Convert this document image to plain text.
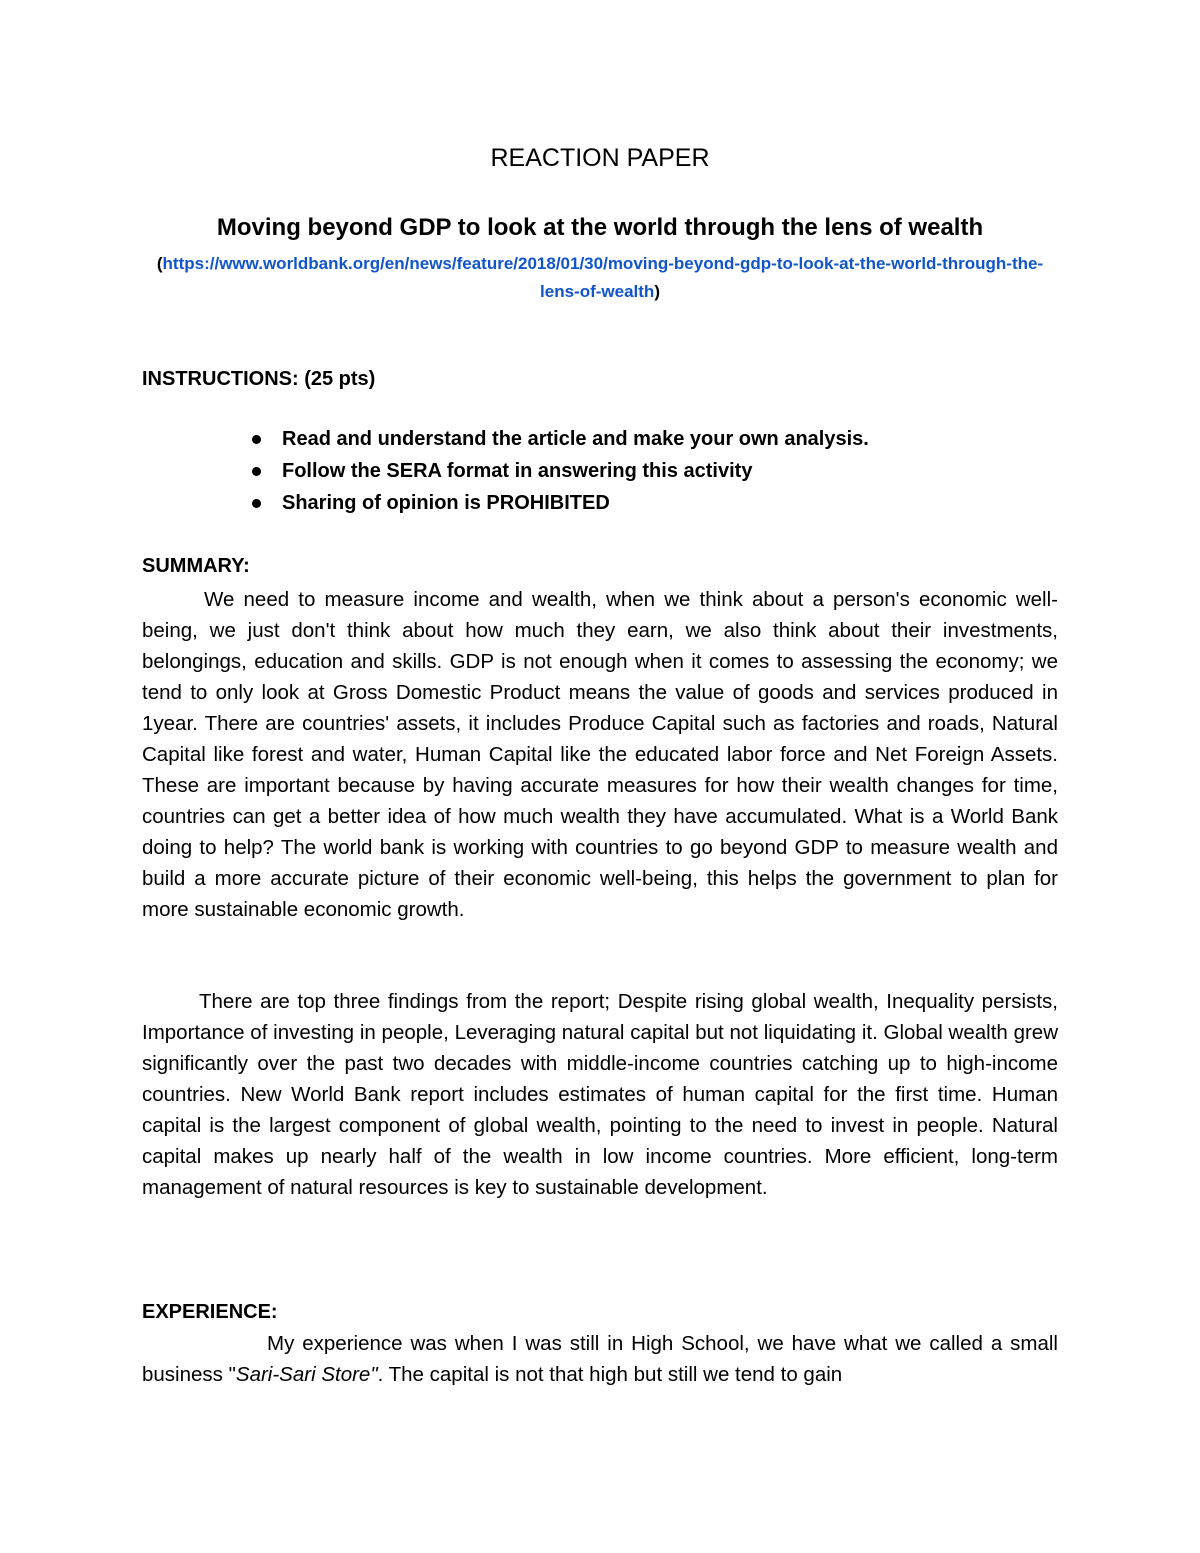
REACTION PAPER
Moving beyond GDP to look at the world through the lens of wealth
(https://www.worldbank.org/en/news/feature/2018/01/30/moving-beyond-gdp-to-look-at-the-world-through-the-lens-of-wealth)
INSTRUCTIONS: (25 pts)
Read and understand the article and make your own analysis.
Follow the SERA format in answering this activity
Sharing of opinion is PROHIBITED
SUMMARY:

We need to measure income and wealth, when we think about a person's economic well-being, we just don't think about how much they earn, we also think about their investments, belongings, education and skills. GDP is not enough when it comes to assessing the economy; we tend to only look at Gross Domestic Product means the value of goods and services produced in 1year. There are countries' assets, it includes Produce Capital such as factories and roads, Natural Capital like forest and water, Human Capital like the educated labor force and Net Foreign Assets. These are important because by having accurate measures for how their wealth changes for time, countries can get a better idea of how much wealth they have accumulated. What is a World Bank doing to help? The world bank is working with countries to go beyond GDP to measure wealth and build a more accurate picture of their economic well-being, this helps the government to plan for more sustainable economic growth.

There are top three findings from the report; Despite rising global wealth, Inequality persists, Importance of investing in people, Leveraging natural capital but not liquidating it. Global wealth grew significantly over the past two decades with middle-income countries catching up to high-income countries. New World Bank report includes estimates of human capital for the first time. Human capital is the largest component of global wealth, pointing to the need to invest in people. Natural capital makes up nearly half of the wealth in low income countries. More efficient, long-term management of natural resources is key to sustainable development.

EXPERIENCE:

My experience was when I was still in High School, we have what we called a small business "Sari-Sari Store". The capital is not that high but still we tend to gain
